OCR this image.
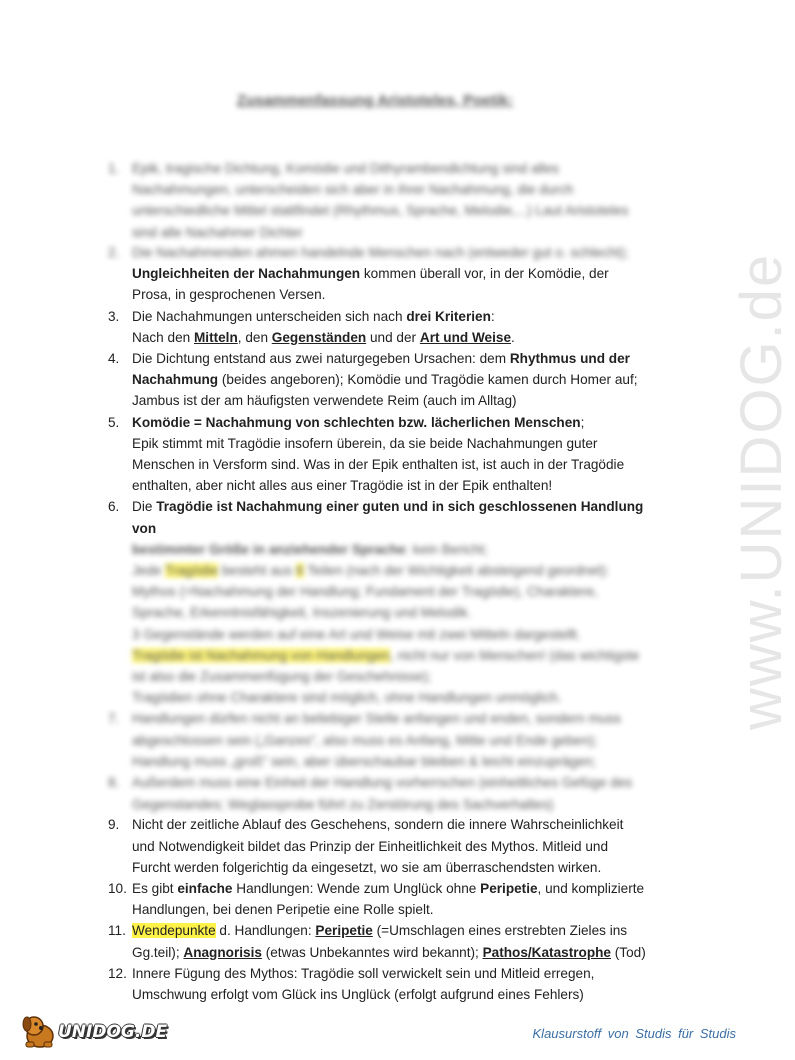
Zusammenfassung Aristoteles, Poetik:
1. Epik, tragische Dichtung, Komödie und Dithyrambendichtung sind alles Nachahmungen, unterscheiden sich aber in ihrer Nachahmung, die durch unterschiedliche Mittel stattfindet (Rhythmus, Sprache, Melodie,...) Laut Aristoteles sind alle Nachahmer Dichter
2. Die Nachahmenden ahmen handelnde Menschen nach (entweder gut o. schlecht);
Ungleichheiten der Nachahmungen kommen überall vor, in der Komödie, der Prosa, in gesprochenen Versen.
3. Die Nachahmungen unterscheiden sich nach drei Kriterien:
Nach den Mitteln, den Gegenständen und der Art und Weise.
4. Die Dichtung entstand aus zwei naturgegeben Ursachen: dem Rhythmus und der Nachahmung (beides angeboren); Komödie und Tragödie kamen durch Homer auf; Jambus ist der am häufigsten verwendete Reim (auch im Alltag)
5. Komödie = Nachahmung von schlechten bzw. lächerlichen Menschen;
Epik stimmt mit Tragödie insofern überein, da sie beide Nachahmungen guter Menschen in Versform sind. Was in der Epik enthalten ist, ist auch in der Tragödie enthalten, aber nicht alles aus einer Tragödie ist in der Epik enthalten!
6. Die Tragödie ist Nachahmung einer guten und in sich geschlossenen Handlung von
bestimmter Größe in anziehender Sprache: kein Bericht;
Jede Tragödie besteht aus 6 Teilen (nach der Wichtigkeit absteigend geordnet):
Mythos (=Nachahmung der Handlung; Fundament der Tragödie), Charaktere, Sprache, Erkenntnisfähigkeit, Inszenierung und Melodik.
3 Gegenstände werden auf eine Art und Weise mit zwei Mitteln dargestellt.
Tragödie ist Nachahmung von Handlungen, nicht nur von Menschen! (das wichtigste ist also die Zusammenfügung der Geschehnisse);
Tragödien ohne Charaktere sind möglich, ohne Handlungen unmöglich.
7. Handlungen dürfen nicht an beliebiger Stelle anfangen und enden, sondern muss abgeschlossen sein („Ganzes“, also muss es Anfang, Mitte und Ende geben); Handlung muss „groß“ sein, aber überschaubar bleiben & leicht einzuprägen;
8. Außerdem muss eine Einheit der Handlung vorherrschen (einheitliches Gefüge des Gegenstandes; Weglassprobe führt zu Zerstörung des Sachverhaltes)
9. Nicht der zeitliche Ablauf des Geschehens, sondern die innere Wahrscheinlichkeit und Notwendigkeit bildet das Prinzip der Einheitlichkeit des Mythos. Mitleid und Furcht werden folgerichtig da eingesetzt, wo sie am überraschendsten wirken.
10. Es gibt einfache Handlungen: Wende zum Unglück ohne Peripetie, und komplizierte Handlungen, bei denen Peripetie eine Rolle spielt.
11. Wendepunkte d. Handlungen: Peripetie (=Umschlagen eines erstrebten Zieles ins Gg.teil); Anagnorisis (etwas Unbekanntes wird bekannt); Pathos/Katastrophe (Tod)
12. Innere Fügung des Mythos: Tragödie soll verwickelt sein und Mitleid erregen, Umschwung erfolgt vom Glück ins Unglück (erfolgt aufgrund eines Fehlers)
www.UNIDOG.de
UNIDOG.DE	Klausurstoff von Studis für Studis
